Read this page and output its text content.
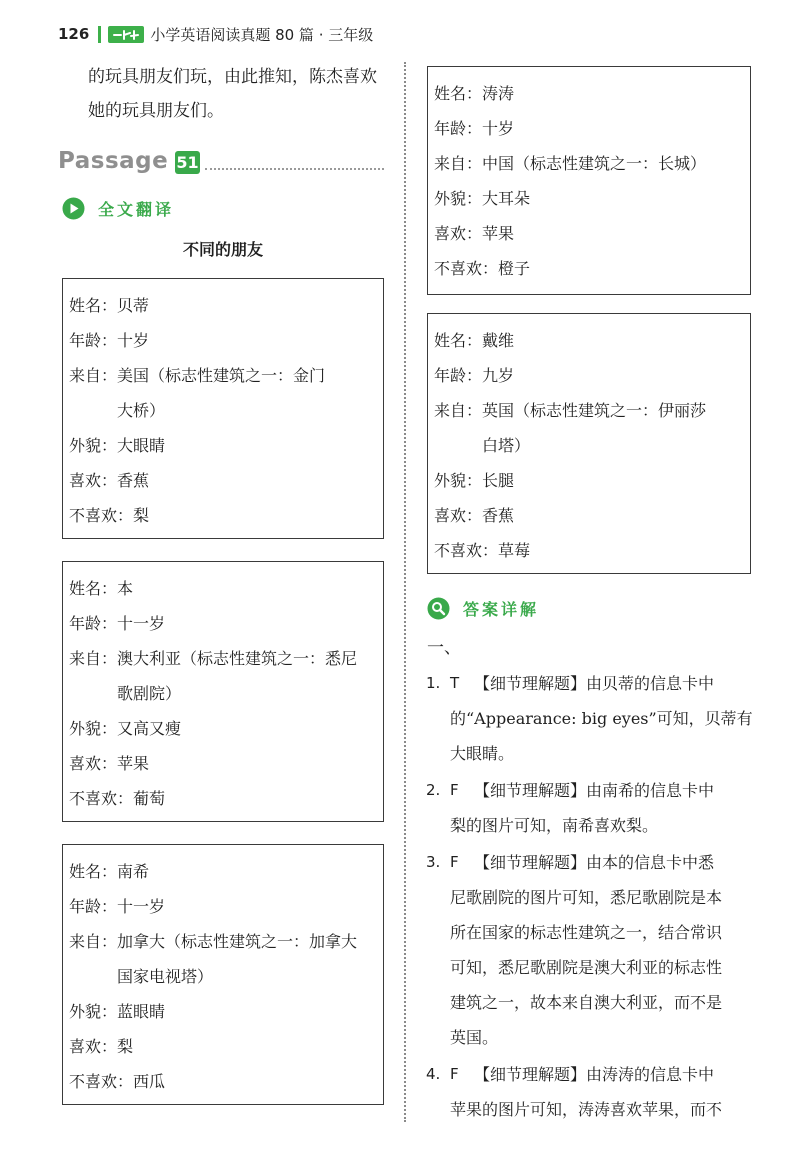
126	小学英语阅读真题 80 篇 · 三年级

的玩具朋友们玩，由此推知，陈杰喜欢

她的玩具朋友们。

Passage 51
全文翻译
不同的朋友
姓名：贝蒂
年龄：十岁
来自：美国（标志性建筑之一：金门
大桥）
外貌：大眼睛
喜欢：香蕉
不喜欢：梨
姓名：本
年龄：十一岁
来自：澳大利亚（标志性建筑之一：悉尼
歌剧院）
外貌：又高又瘦
喜欢：苹果
不喜欢：葡萄
姓名：南希
年龄：十一岁
来自：加拿大（标志性建筑之一：加拿大
国家电视塔）
外貌：蓝眼睛
喜欢：梨
不喜欢：西瓜
姓名：涛涛
年龄：十岁
来自：中国（标志性建筑之一：长城）
外貌：大耳朵
喜欢：苹果
不喜欢：橙子
姓名：戴维
年龄：九岁
来自：英国（标志性建筑之一：伊丽莎
白塔）
外貌：长腿
喜欢：香蕉
不喜欢：草莓
答案详解
一、
1. T 【细节理解题】由贝蒂的信息卡中
的“Appearance: big eyes”可知，贝蒂有
大眼睛。
2. F 【细节理解题】由南希的信息卡中
梨的图片可知，南希喜欢梨。
3. F 【细节理解题】由本的信息卡中悉
尼歌剧院的图片可知，悉尼歌剧院是本
所在国家的标志性建筑之一，结合常识
可知，悉尼歌剧院是澳大利亚的标志性
建筑之一，故本来自澳大利亚，而不是
英国。
4. F 【细节理解题】由涛涛的信息卡中
苹果的图片可知，涛涛喜欢苹果，而不
